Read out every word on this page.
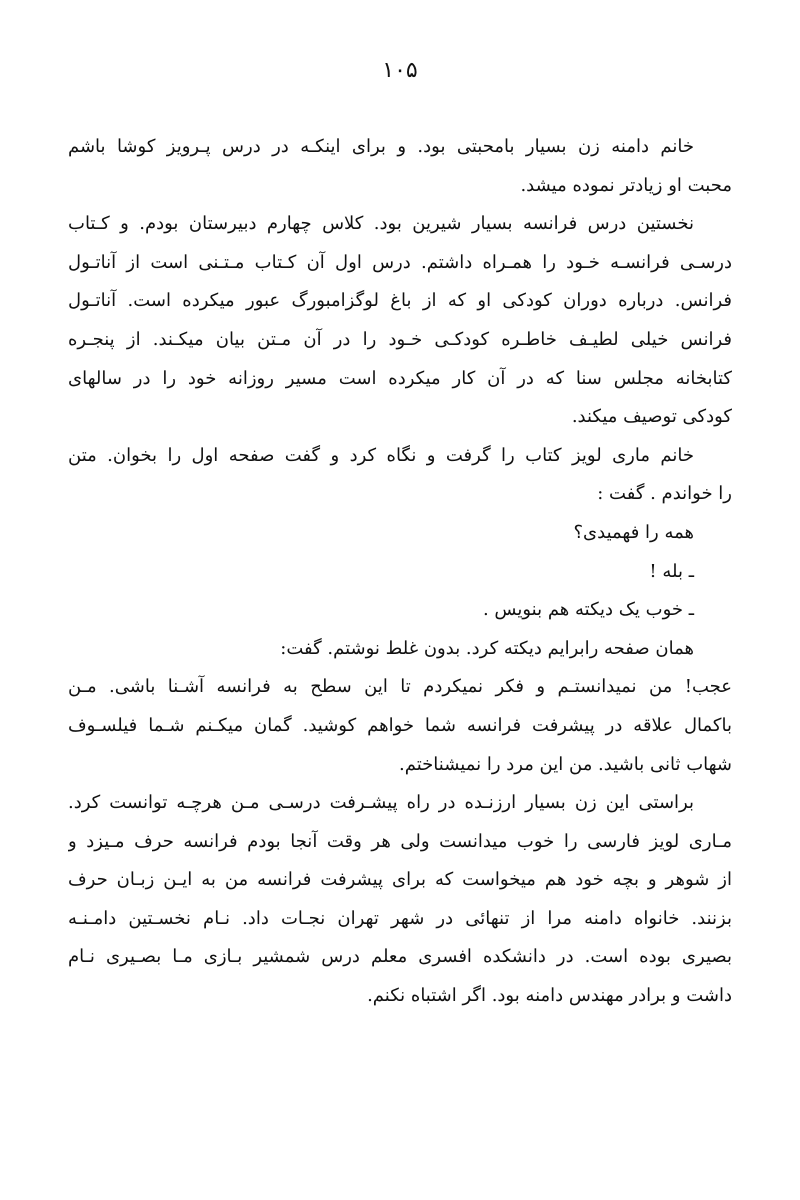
۱۰۵
خانم دامنه زن بسیار بامحبتی بود. و برای اینکـه در درس پـرویز کوشا باشم
محبت او زیادتر نموده میشد.
نخستین درس فرانسه بسیار شیرین بود. کلاس چهارم دبیرستان بودم. و کـتاب
درسـی فرانسـه خـود را همـراه داشتم. درس اول آن کـتاب مـتـنی است از آناتـول
فرانس. درباره دوران کودکی او که از باغ لوگزامبورگ عبور میکرده است. آناتـول
فرانس خیلی لطیـف خاطـره کودکـی خـود را در آن مـتن بیان میکـند. از پنجـره
کتابخانه مجلس سنا که در آن کار میکرده است مسیر روزانه خود را در سالهای
کودکی توصیف میکند.
خانم ماری لویز کتاب را گرفت و نگاه کرد و گفت صفحه اول را بخوان. متن
را خواندم . گفت :
همه را فهمیدی؟
ـ بله !
ـ خوب یک دیکته هم بنویس .
همان صفحه رابرایم دیکته کرد. بدون غلط نوشتم. گفت:
عجب! من نمیدانستـم و فکر نمیکردم تا این سطح به فرانسه آشـنا باشی. مـن
باکمال علاقه در پیشرفت فرانسه شما خواهم کوشید. گمان میکـنم شـما فیلسـوف
شهاب ثانی باشید. من این مرد را نمیشناختم.
براستی این زن بسیار ارزنـده در راه پیشـرفت درسـی مـن هرچـه توانست کرد.
مـاری لویز فارسی را خوب میدانست ولی هر وقت آنجا بودم فرانسه حرف مـیزد و
از شوهر و بچه خود هم میخواست که برای پیشرفت فرانسه من به ایـن زبـان حرف
بزنند. خانواه دامنه مرا از تنهائی در شهر تهران نجـات داد. نـام نخسـتین دامـنـه
بصیری بوده است. در دانشکده افسری معلم درس شمشیر بـازی مـا بصـیری نـام
داشت و برادر مهندس دامنه بود. اگر اشتباه نکنم.
